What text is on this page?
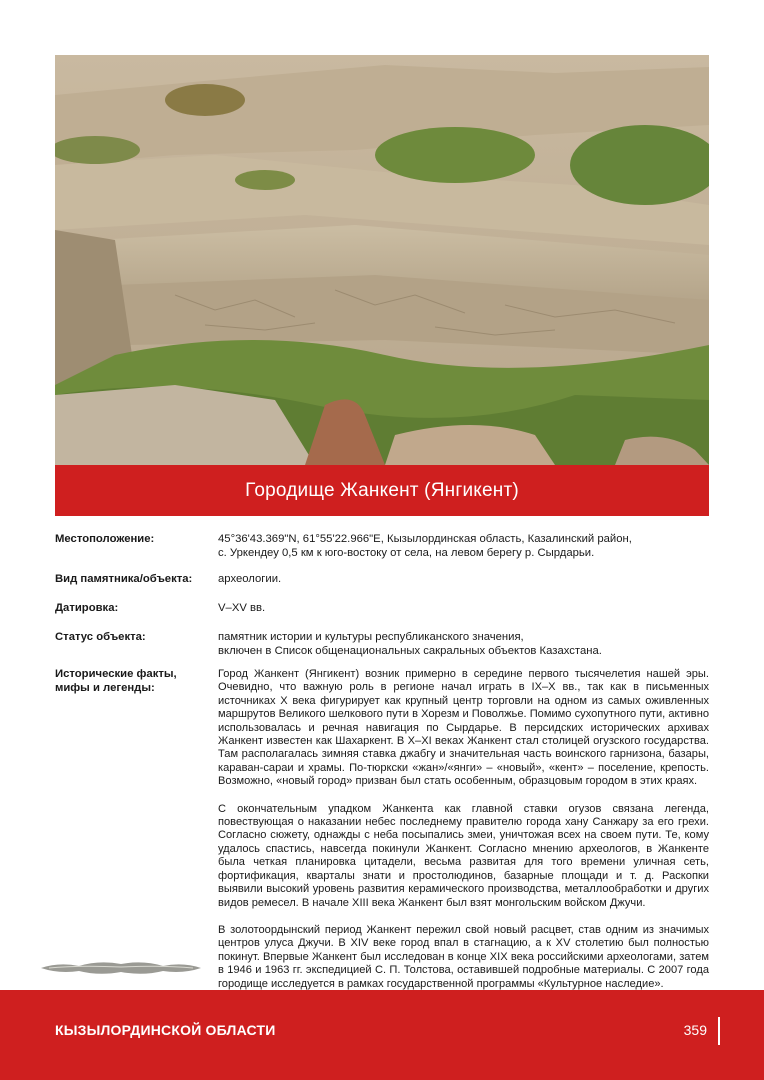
Городище Жанкент (Янгикент)
Местоположение:	45°36'43.369"N, 61°55'22.966"E, Кызылординская область, Казалинский район,

с. Уркендеу 0,5 км к юго-востоку от села, на левом берегу р. Сырдарьи.

Вид памятника/объекта:	археологии.
Датировка:	V–XV вв.
Статус объекта:	памятник истории и культуры республиканского значения,

включен в Список общенациональных сакральных объектов Казахстана.

Исторические факты,
мифы и легенды:

Город Жанкент (Янгикент) возник примерно в середине первого тысячелетия нашей эры. Очевидно, что важную роль в регионе начал играть в IX–X вв., так как в письменных источниках X века фигурирует как крупный центр торговли на одном из самых оживленных маршрутов Великого шелкового пути в Хорезм и Поволжье. Помимо сухопутного пути, активно использовалась и речная навигация по Сырдарье. В персидских исторических архивах Жанкент известен как Шахаркент. В X–XI веках Жанкент стал столицей огузского государства. Там располагалась зимняя ставка джабгу и значительная часть воинского гарнизона, базары, караван-сараи и храмы. По-тюркски «жан»/«янги» – «новый», «кент» – поселение, крепость. Возможно, «новый город» призван был стать особенным, образцовым городом в этих краях.

С окончательным упадком Жанкента как главной ставки огузов связана легенда, повествующая о наказании небес последнему правителю города хану Санжару за его грехи. Согласно сюжету, однажды с неба посыпались змеи, уничтожая всех на своем пути. Те, кому удалось спастись, навсегда покинули Жанкент. Согласно мнению археологов, в Жанкенте была четкая планировка цитадели, весьма развитая для того времени уличная сеть, фортификация, кварталы знати и простолюдинов, базарные площади и т. д. Раскопки выявили высокий уровень развития керамического производства, металлообработки и других видов ремесел. В начале XIII века Жанкент был взят монгольским войском Джучи.

В золотоордынский период Жанкент пережил свой новый расцвет, став одним из значимых центров улуса Джучи. В XIV веке город впал в стагнацию, а к XV столетию был полностью покинут. Впервые Жанкент был исследован в конце XIX века российскими археологами, затем в 1946 и 1963 гг. экспедицией С. П. Толстова, оставившей подробные материалы. С 2007 года городище исследуется в рамках государственной программы «Культурное наследие».

КЫЗЫЛОРДИНСКОЙ ОБЛАСТИ	359
